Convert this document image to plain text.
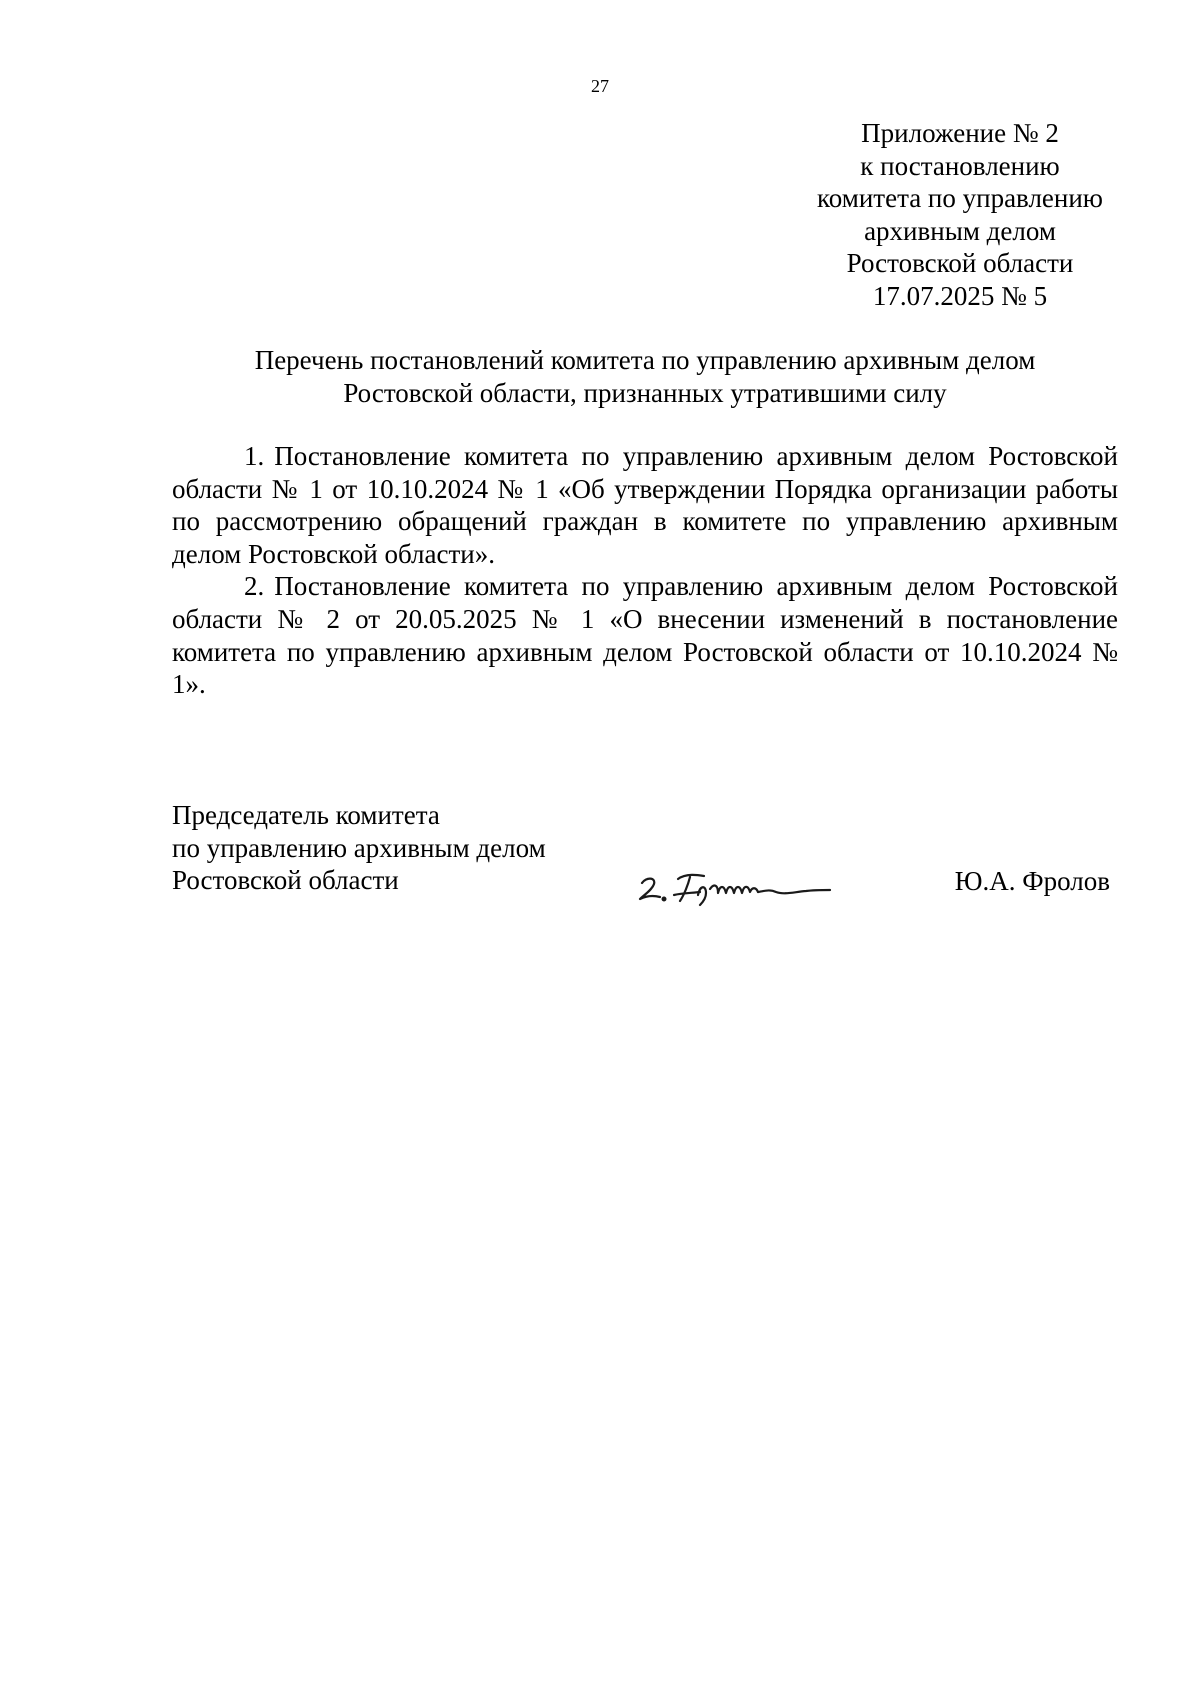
27
Приложение № 2
к постановлению
комитета по управлению
архивным делом
Ростовской области
17.07.2025 № 5
Перечень постановлений комитета по управлению архивным делом
Ростовской области, признанных утратившими силу

1. Постановление комитета по управлению архивным делом Ростовской области № 1 от 10.10.2024 № 1 «Об утверждении Порядка организации работы по рассмотрению обращений граждан в комитете по управлению архивным делом Ростовской области».

2. Постановление комитета по управлению архивным делом Ростовской области № 2 от 20.05.2025 № 1 «О внесении изменений в постановление комитета по управлению архивным делом Ростовской области от 10.10.2024 № 1».

Председатель комитета
по управлению архивным делом
Ростовской области	Ю.А. Фролов
